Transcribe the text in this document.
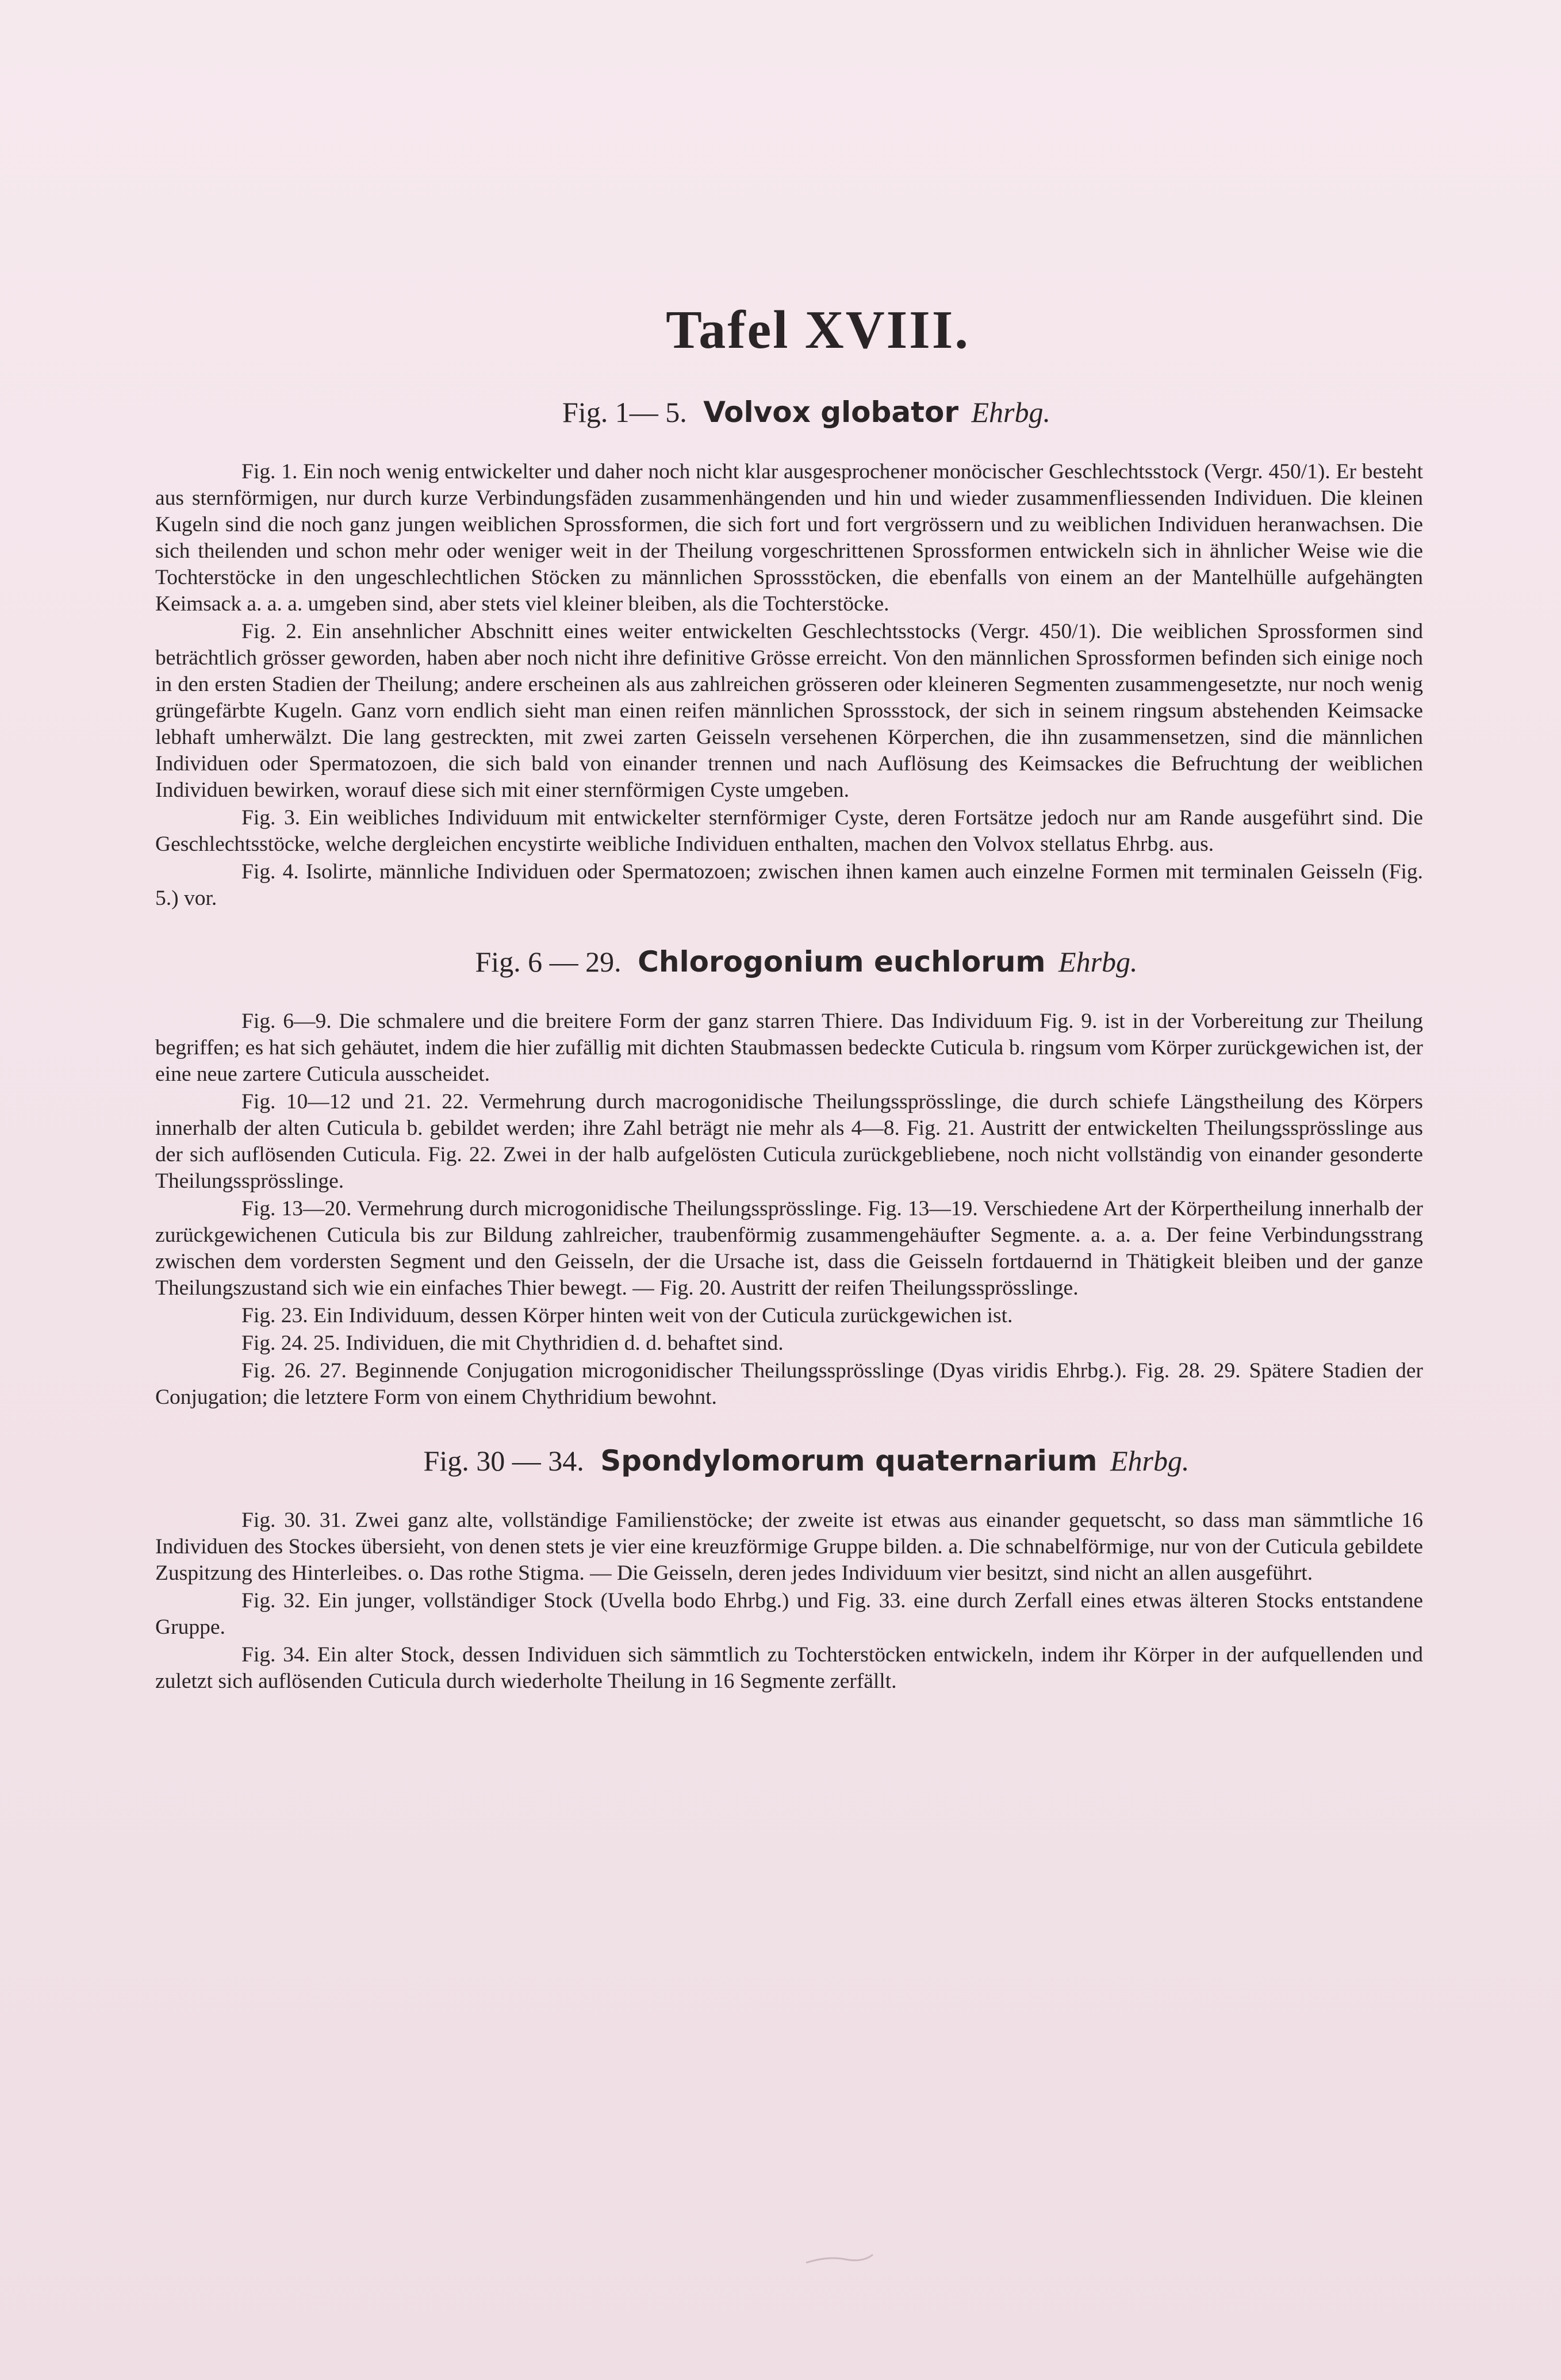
Tafel XVIII.
Fig. 1— 5. Volvox globator Ehrbg.

Fig. 1. Ein noch wenig entwickelter und daher noch nicht klar ausgesprochener monöcischer Geschlechtsstock (Vergr. 450/1). Er besteht aus sternförmigen, nur durch kurze Verbindungsfäden zusammenhängenden und hin und wieder zusammenfliessenden Individuen. Die kleinen Kugeln sind die noch ganz jungen weiblichen Sprossformen, die sich fort und fort vergrössern und zu weiblichen Individuen heranwachsen. Die sich theilenden und schon mehr oder weniger weit in der Theilung vorgeschrittenen Sprossformen entwickeln sich in ähnlicher Weise wie die Tochterstöcke in den ungeschlechtlichen Stöcken zu männlichen Sprossstöcken, die ebenfalls von einem an der Mantelhülle aufgehängten Keimsack a. a. a. umgeben sind, aber stets viel kleiner bleiben, als die Tochterstöcke.

Fig. 2. Ein ansehnlicher Abschnitt eines weiter entwickelten Geschlechtsstocks (Vergr. 450/1). Die weiblichen Sprossformen sind beträchtlich grösser geworden, haben aber noch nicht ihre definitive Grösse erreicht. Von den männlichen Sprossformen befinden sich einige noch in den ersten Stadien der Theilung; andere erscheinen als aus zahlreichen grösseren oder kleineren Segmenten zusammengesetzte, nur noch wenig grüngefärbte Kugeln. Ganz vorn endlich sieht man einen reifen männlichen Sprossstock, der sich in seinem ringsum abstehenden Keimsacke lebhaft umherwälzt. Die lang gestreckten, mit zwei zarten Geisseln versehenen Körperchen, die ihn zusammensetzen, sind die männlichen Individuen oder Spermatozoen, die sich bald von einander trennen und nach Auflösung des Keimsackes die Befruchtung der weiblichen Individuen bewirken, worauf diese sich mit einer sternförmigen Cyste umgeben.

Fig. 3. Ein weibliches Individuum mit entwickelter sternförmiger Cyste, deren Fortsätze jedoch nur am Rande ausgeführt sind. Die Geschlechtsstöcke, welche dergleichen encystirte weibliche Individuen enthalten, machen den Volvox stellatus Ehrbg. aus.

Fig. 4. Isolirte, männliche Individuen oder Spermatozoen; zwischen ihnen kamen auch einzelne Formen mit terminalen Geisseln (Fig. 5.) vor.

Fig. 6 — 29. Chlorogonium euchlorum Ehrbg.

Fig. 6—9. Die schmalere und die breitere Form der ganz starren Thiere. Das Individuum Fig. 9. ist in der Vorbereitung zur Theilung begriffen; es hat sich gehäutet, indem die hier zufällig mit dichten Staubmassen bedeckte Cuticula b. ringsum vom Körper zurückgewichen ist, der eine neue zartere Cuticula ausscheidet.

Fig. 10—12 und 21. 22. Vermehrung durch macrogonidische Theilungssprösslinge, die durch schiefe Längstheilung des Körpers innerhalb der alten Cuticula b. gebildet werden; ihre Zahl beträgt nie mehr als 4—8. Fig. 21. Austritt der entwickelten Theilungssprösslinge aus der sich auflösenden Cuticula. Fig. 22. Zwei in der halb aufgelösten Cuticula zurückgebliebene, noch nicht vollständig von einander gesonderte Theilungssprösslinge.

Fig. 13—20. Vermehrung durch microgonidische Theilungssprösslinge. Fig. 13—19. Verschiedene Art der Körpertheilung innerhalb der zurückgewichenen Cuticula bis zur Bildung zahlreicher, traubenförmig zusammengehäufter Segmente. a. a. a. Der feine Verbindungsstrang zwischen dem vordersten Segment und den Geisseln, der die Ursache ist, dass die Geisseln fortdauernd in Thätigkeit bleiben und der ganze Theilungszustand sich wie ein einfaches Thier bewegt. — Fig. 20. Austritt der reifen Theilungssprösslinge.

Fig. 23. Ein Individuum, dessen Körper hinten weit von der Cuticula zurückgewichen ist.

Fig. 24. 25. Individuen, die mit Chythridien d. d. behaftet sind.

Fig. 26. 27. Beginnende Conjugation microgonidischer Theilungssprösslinge (Dyas viridis Ehrbg.). Fig. 28. 29. Spätere Stadien der Conjugation; die letztere Form von einem Chythridium bewohnt.

Fig. 30 — 34. Spondylomorum quaternarium Ehrbg.

Fig. 30. 31. Zwei ganz alte, vollständige Familienstöcke; der zweite ist etwas aus einander gequetscht, so dass man sämmtliche 16 Individuen des Stockes übersieht, von denen stets je vier eine kreuzförmige Gruppe bilden. a. Die schnabelförmige, nur von der Cuticula gebildete Zuspitzung des Hinterleibes. o. Das rothe Stigma. — Die Geisseln, deren jedes Individuum vier besitzt, sind nicht an allen ausgeführt.

Fig. 32. Ein junger, vollständiger Stock (Uvella bodo Ehrbg.) und Fig. 33. eine durch Zerfall eines etwas älteren Stocks entstandene Gruppe.

Fig. 34. Ein alter Stock, dessen Individuen sich sämmtlich zu Tochterstöcken entwickeln, indem ihr Körper in der aufquellenden und zuletzt sich auflösenden Cuticula durch wiederholte Theilung in 16 Segmente zerfällt.
